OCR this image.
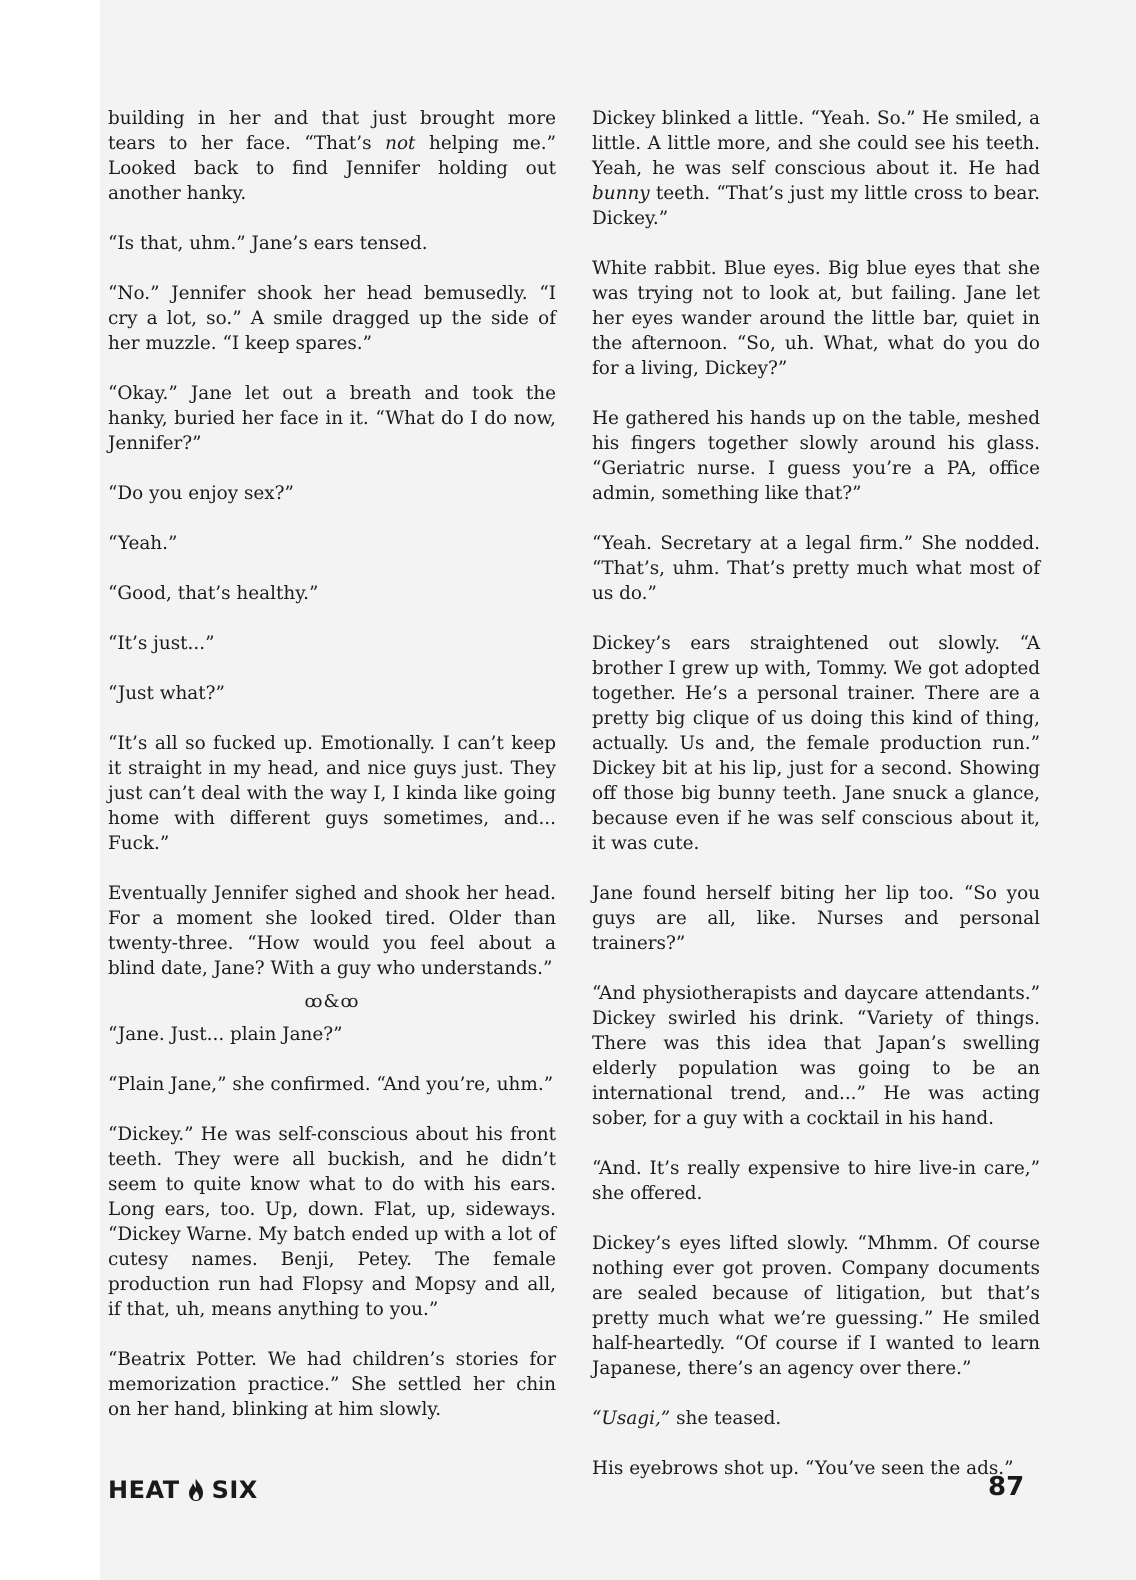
building in her and that just brought more tears to her face. “That’s not helping me.” Looked back to find Jennifer holding out another hanky.

“Is that, uhm.” Jane’s ears tensed.

“No.” Jennifer shook her head bemusedly. “I cry a lot, so.” A smile dragged up the side of her muzzle. “I keep spares.”

“Okay.” Jane let out a breath and took the hanky, buried her face in it. “What do I do now, Jennifer?”

“Do you enjoy sex?”

“Yeah.”

“Good, that’s healthy.”

“It’s just...”

“Just what?”

“It’s all so fucked up. Emotionally. I can’t keep it straight in my head, and nice guys just. They just can’t deal with the way I, I kinda like going home with different guys sometimes, and... Fuck.”

Eventually Jennifer sighed and shook her head. For a moment she looked tired. Older than twenty-three. “How would you feel about a blind date, Jane? With a guy who understands.”

ꝏ&ꝏ

“Jane. Just... plain Jane?”

“Plain Jane,” she confirmed. “And you’re, uhm.”

“Dickey.” He was self-conscious about his front teeth. They were all buckish, and he didn’t seem to quite know what to do with his ears. Long ears, too. Up, down. Flat, up, sideways. “Dickey Warne. My batch ended up with a lot of cutesy names. Benji, Petey. The female production run had Flopsy and Mopsy and all, if that, uh, means anything to you.”

“Beatrix Potter. We had children’s stories for memorization practice.” She settled her chin on her hand, blinking at him slowly.

Dickey blinked a little. “Yeah. So.” He smiled, a little. A little more, and she could see his teeth. Yeah, he was self conscious about it. He had bunny teeth. “That’s just my little cross to bear. Dickey.”

White rabbit. Blue eyes. Big blue eyes that she was trying not to look at, but failing. Jane let her eyes wander around the little bar, quiet in the afternoon. “So, uh. What, what do you do for a living, Dickey?”

He gathered his hands up on the table, meshed his fingers together slowly around his glass. “Geriatric nurse. I guess you’re a PA, office admin, something like that?”

“Yeah. Secretary at a legal firm.” She nodded. “That’s, uhm. That’s pretty much what most of us do.”

Dickey’s ears straightened out slowly. “A brother I grew up with, Tommy. We got adopted together. He’s a personal trainer. There are a pretty big clique of us doing this kind of thing, actually. Us and, the female production run.” Dickey bit at his lip, just for a second. Showing off those big bunny teeth. Jane snuck a glance, because even if he was self conscious about it, it was cute.

Jane found herself biting her lip too. “So you guys are all, like. Nurses and personal trainers?”

“And physiotherapists and daycare attendants.” Dickey swirled his drink. “Variety of things. There was this idea that Japan’s swelling elderly population was going to be an international trend, and...” He was acting sober, for a guy with a cocktail in his hand.

“And. It’s really expensive to hire live-in care,” she offered.

Dickey’s eyes lifted slowly. “Mhmm. Of course nothing ever got proven. Company documents are sealed because of litigation, but that’s pretty much what we’re guessing.” He smiled half-heartedly. “Of course if I wanted to learn Japanese, there’s an agency over there.”

“Usagi,” she teased.

His eyebrows shot up. “You’ve seen the ads.”

HEAT SIX	87
